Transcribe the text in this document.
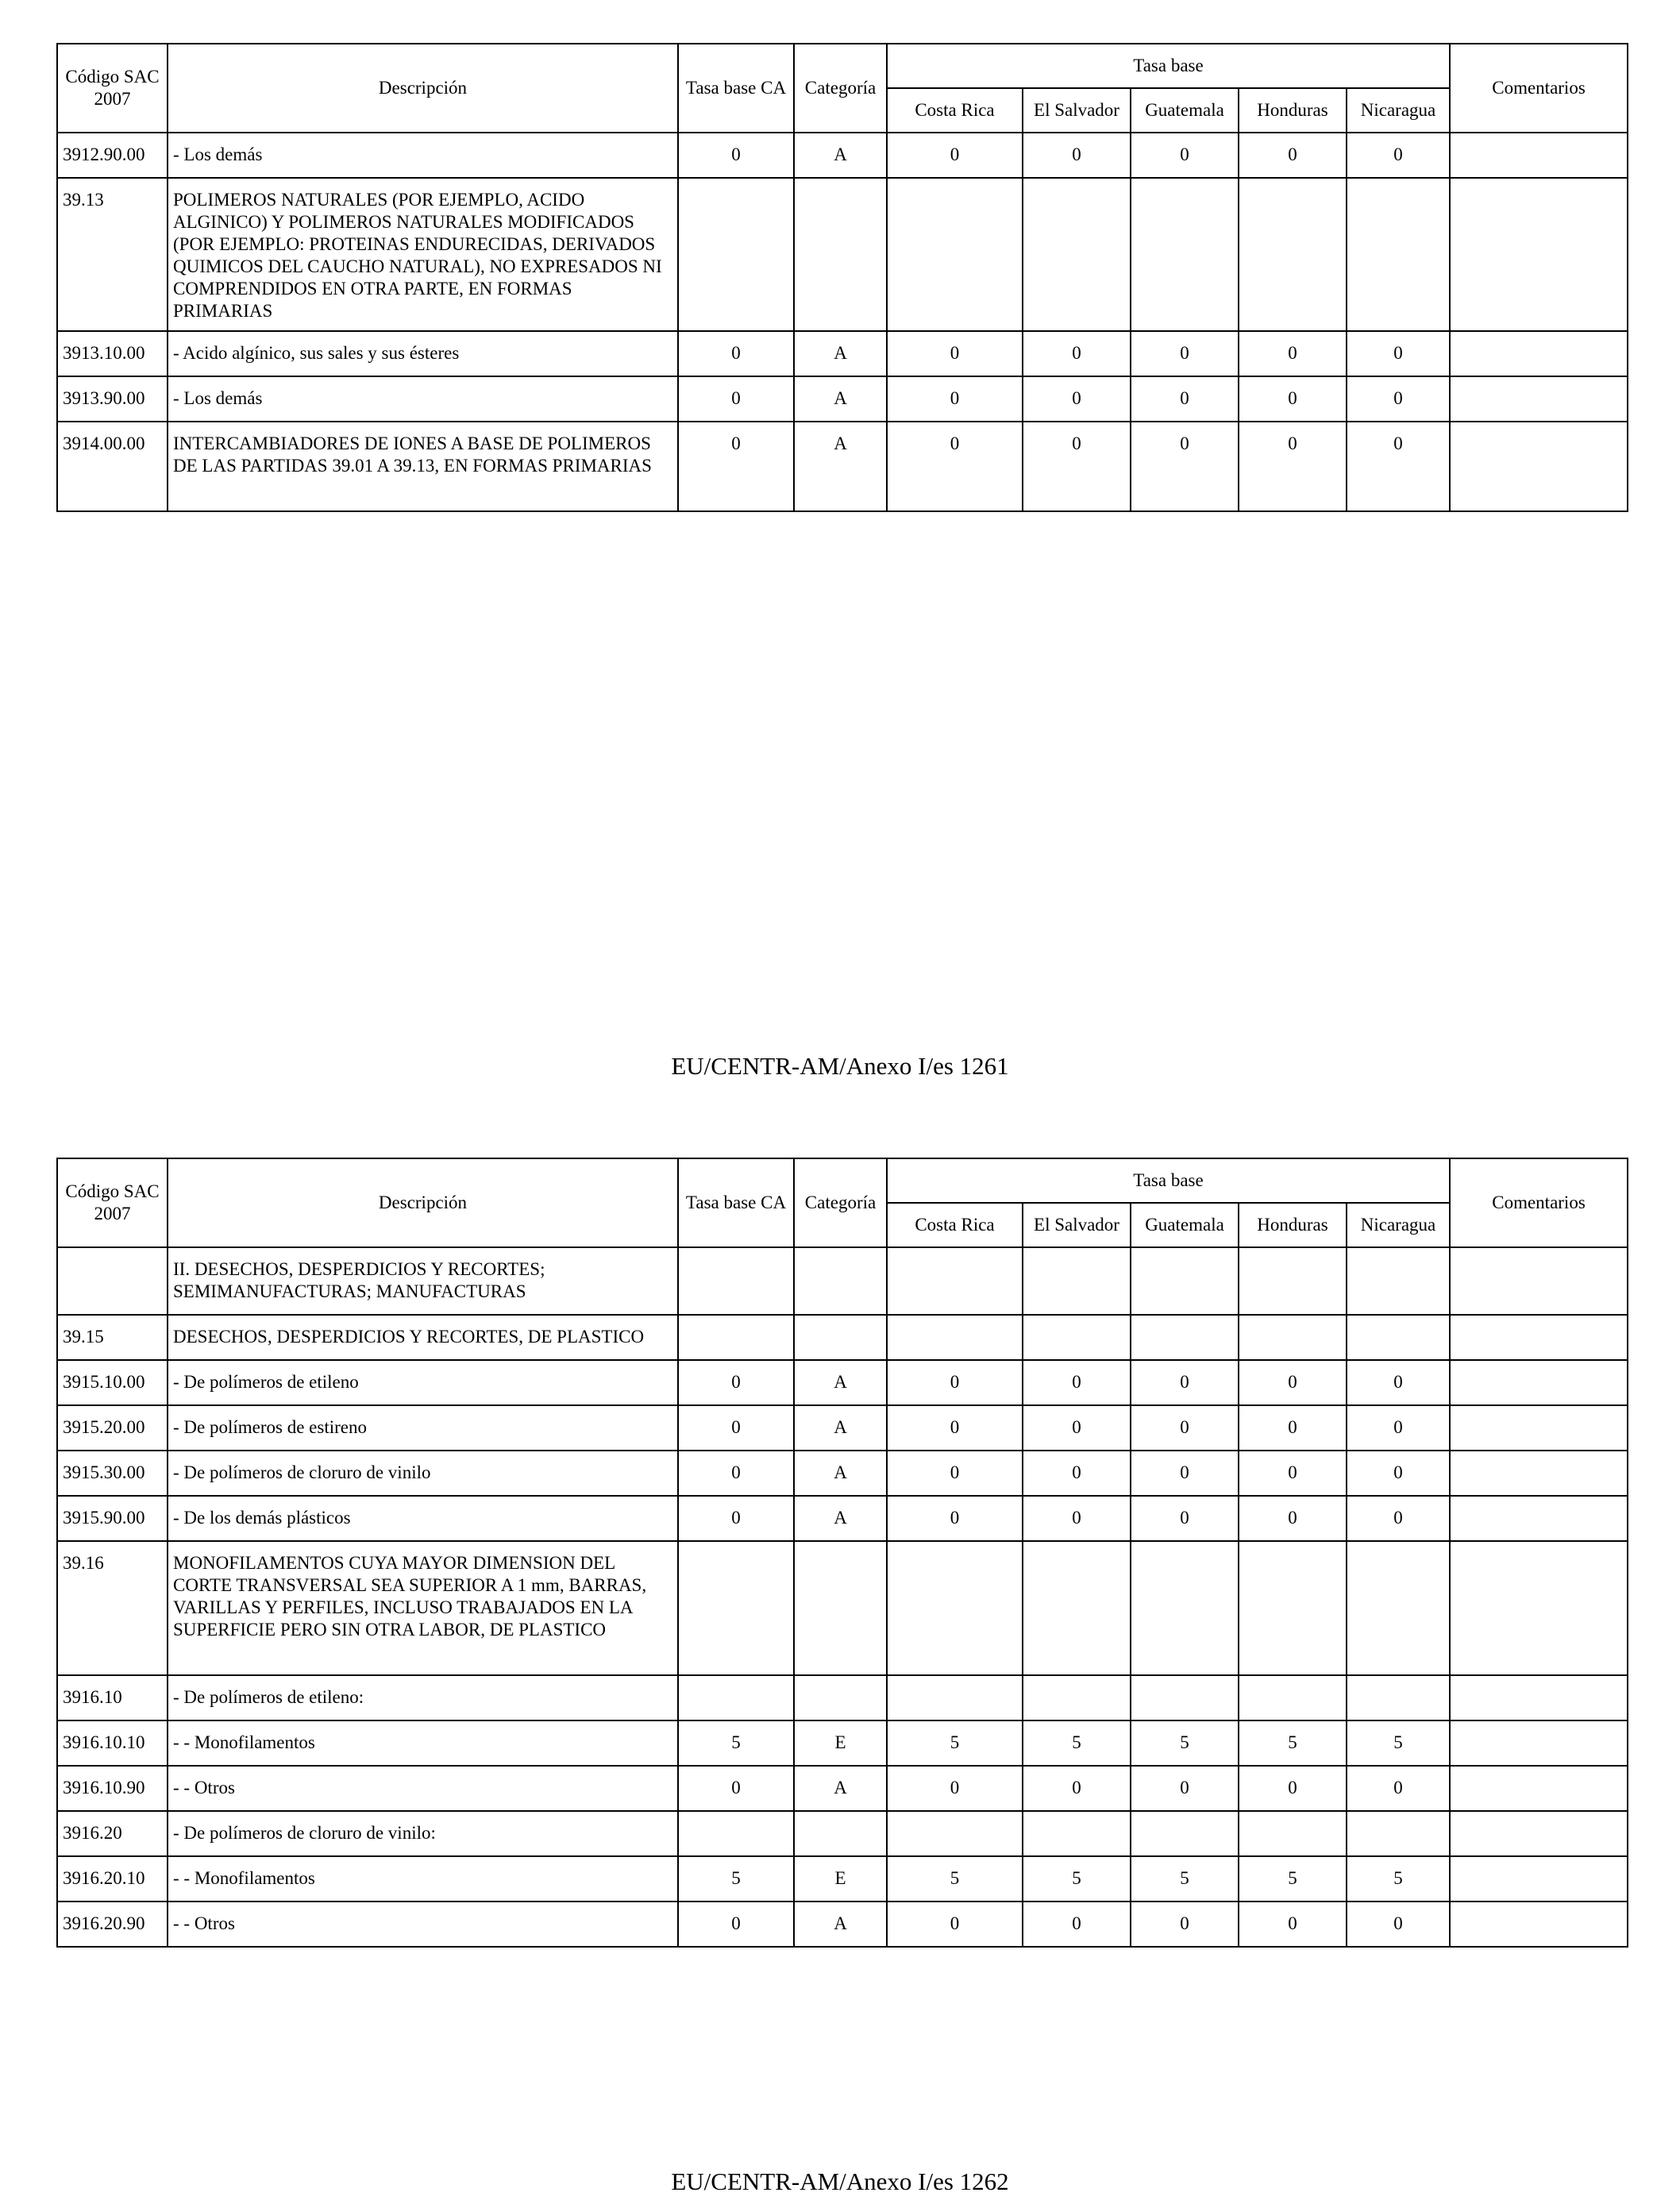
Código SAC 2007	Descripción	Tasa base CA	Categoría	Tasa base					Comentarios
				Costa Rica	El Salvador	Guatemala	Honduras	Nicaragua	
3912.90.00	- Los demás	0	A	0	0	0	0	0	
39.13	POLIMEROS NATURALES (POR EJEMPLO, ACIDO ALGINICO) Y POLIMEROS NATURALES MODIFICADOS (POR EJEMPLO: PROTEINAS ENDURECIDAS, DERIVADOS QUIMICOS DEL CAUCHO NATURAL), NO EXPRESADOS NI COMPRENDIDOS EN OTRA PARTE, EN FORMAS PRIMARIAS								
3913.10.00	- Acido algínico, sus sales y sus ésteres	0	A	0	0	0	0	0	
3913.90.00	- Los demás	0	A	0	0	0	0	0	
3914.00.00	INTERCAMBIADORES DE IONES A BASE DE POLIMEROS DE LAS PARTIDAS 39.01 A 39.13, EN FORMAS PRIMARIAS	0	A	0	0	0	0	0	
EU/CENTR-AM/Anexo I/es 1261
Código SAC 2007	Descripción	Tasa base CA	Categoría	Tasa base					Comentarios
				Costa Rica	El Salvador	Guatemala	Honduras	Nicaragua	
	II. DESECHOS, DESPERDICIOS Y RECORTES; SEMIMANUFACTURAS; MANUFACTURAS								
39.15	DESECHOS, DESPERDICIOS Y RECORTES, DE PLASTICO								
3915.10.00	- De polímeros de etileno	0	A	0	0	0	0	0	
3915.20.00	- De polímeros de estireno	0	A	0	0	0	0	0	
3915.30.00	- De polímeros de cloruro de vinilo	0	A	0	0	0	0	0	
3915.90.00	- De los demás plásticos	0	A	0	0	0	0	0	
39.16	MONOFILAMENTOS CUYA MAYOR DIMENSION DEL CORTE TRANSVERSAL SEA SUPERIOR A 1 mm, BARRAS, VARILLAS Y PERFILES, INCLUSO TRABAJADOS EN LA SUPERFICIE PERO SIN OTRA LABOR, DE PLASTICO								
3916.10	- De polímeros de etileno:								
3916.10.10	- - Monofilamentos	5	E	5	5	5	5	5	
3916.10.90	- - Otros	0	A	0	0	0	0	0	
3916.20	- De polímeros de cloruro de vinilo:								
3916.20.10	- - Monofilamentos	5	E	5	5	5	5	5	
3916.20.90	- - Otros	0	A	0	0	0	0	0	
EU/CENTR-AM/Anexo I/es 1262
